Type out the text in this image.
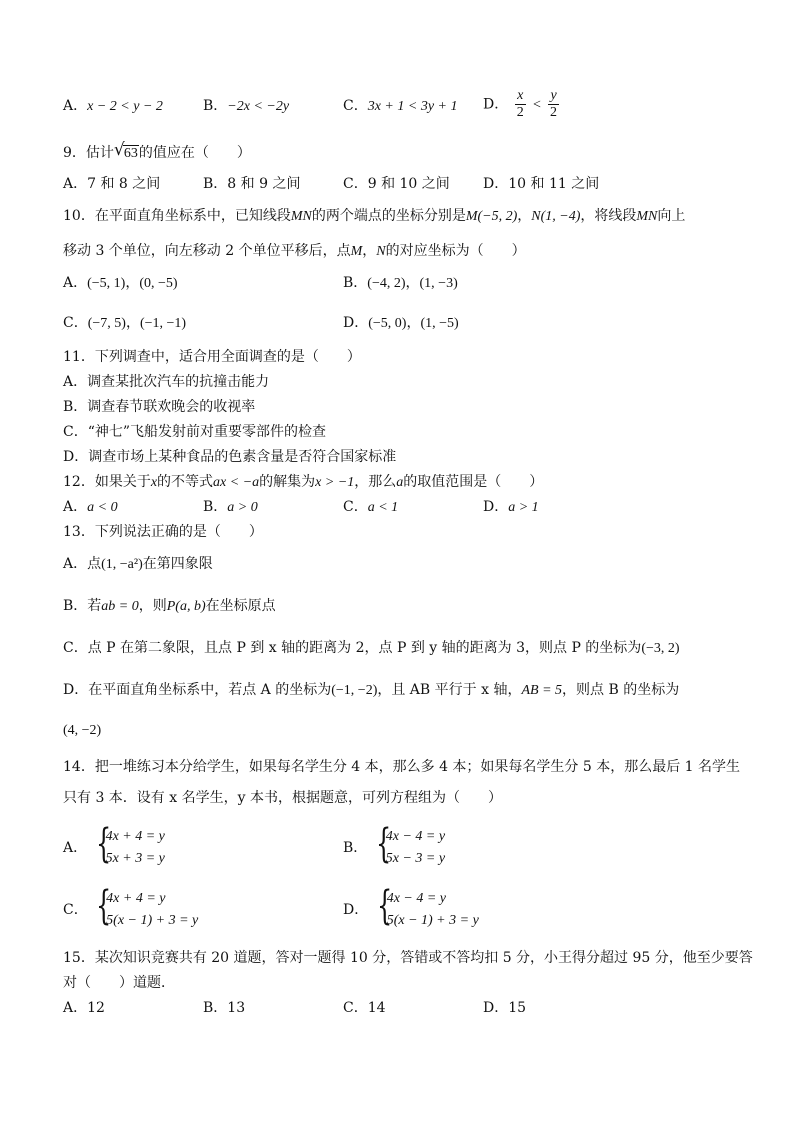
A．x − 2 < y − 2	B．−2x < −2y	C．3x + 1 < 3y + 1 D． $\frac{x}{2} < \frac{y}{2}$
9．估计 √ 63的值应在（　　）
A．7 和 8 之间	B．8 和 9 之间	C．9 和 10 之间 D．10 和 11 之间
10．在平面直角坐标系中，已知线段MN的两个端点的坐标分别是M(−5, 2)，N(1, −4)，将线段MN向上
移动 3 个单位，向左移动 2 个单位平移后，点M，N的对应坐标为（　　）
A．(−5, 1)，(0, −5)	B．(−4, 2)，(1, −3)
C．(−7, 5)，(−1, −1)	D．(−5, 0)，(1, −5)
11．下列调查中，适合用全面调查的是（　　）
A．调查某批次汽车的抗撞击能力
B．调查春节联欢晚会的收视率
C．“神七”飞船发射前对重要零部件的检查
D．调查市场上某种食品的色素含量是否符合国家标准
12．如果关于x的不等式ax < −a的解集为x > −1，那么a的取值范围是（　　）
A．a < 0	B．a > 0	C．a < 1	D．a > 1
13．下列说法正确的是（　　）
A．点(1, −a²)在第四象限
B．若ab = 0，则P(a, b)在坐标原点
C．点 P 在第二象限，且点 P 到 x 轴的距离为 2，点 P 到 y 轴的距离为 3，则点 P 的坐标为(−3, 2)
D．在平面直角坐标系中，若点 A 的坐标为(−1, −2)，且 AB 平行于 x 轴，AB = 5，则点 B 的坐标为
(4, −2)
14．把一堆练习本分给学生，如果每名学生分 4 本，那么多 4 本；如果每名学生分 5 本，那么最后 1 名学生
只有 3 本．设有 x 名学生，y 本书，根据题意，可列方程组为（　　）
A． {
4x + 4 = y
5x + 3 = y
B． {
4x − 4 = y
5x − 3 = y
C． {
4x + 4 = y
5(x − 1) + 3 = y
D． {
4x − 4 = y
5(x − 1) + 3 = y
15．某次知识竞赛共有 20 道题，答对一题得 10 分，答错或不答均扣 5 分，小王得分超过 95 分，他至少要答
对（　　）道题．
A．12	B．13	C．14	D．15
